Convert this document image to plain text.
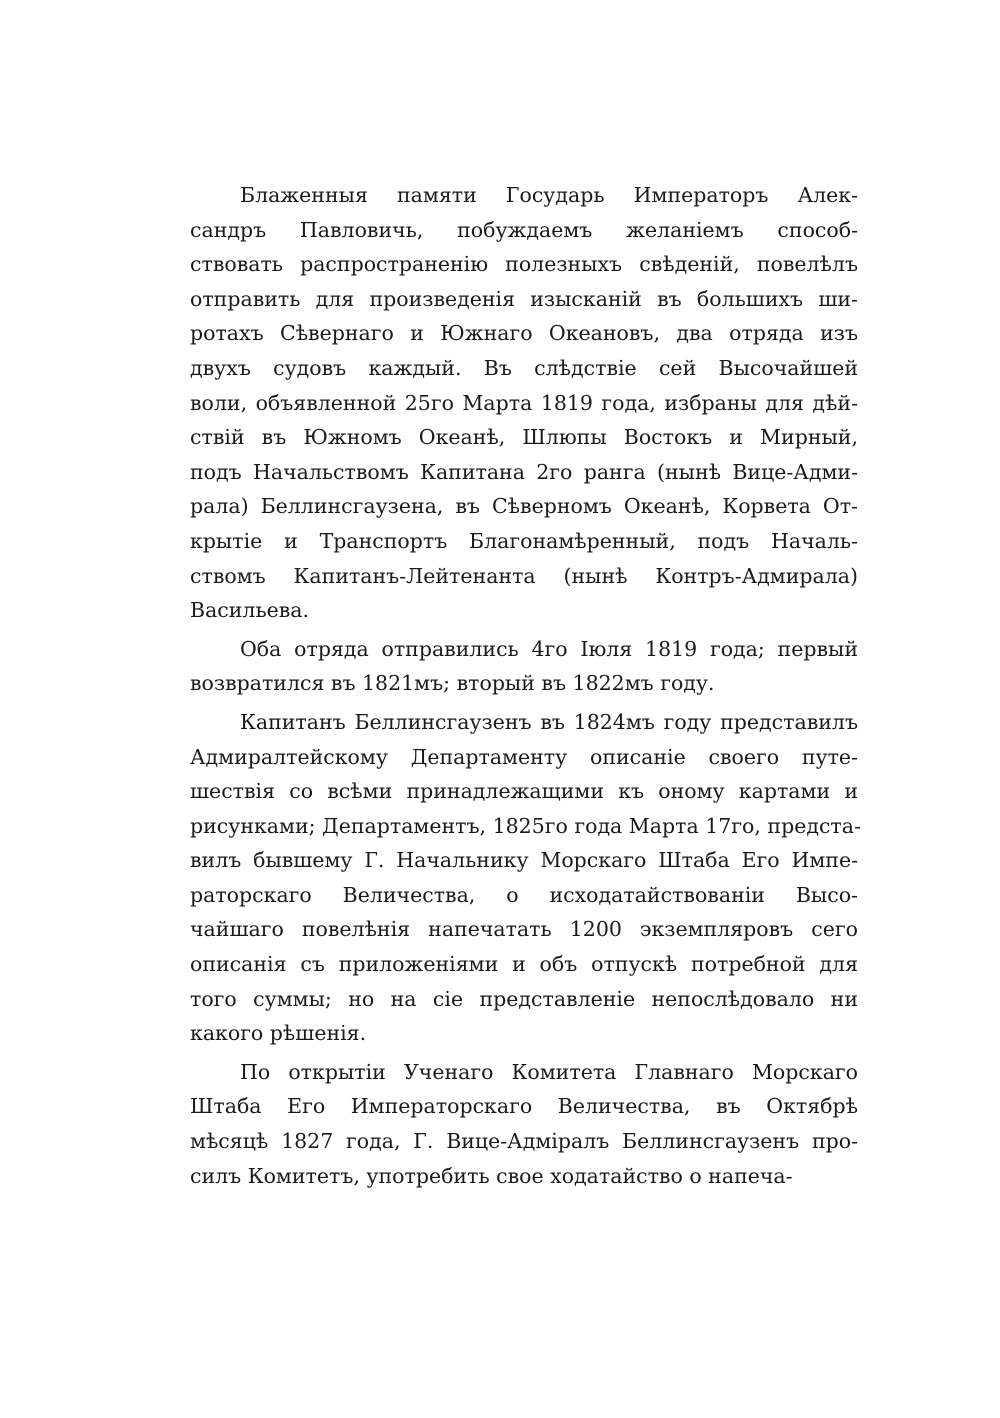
Блаженныя памяти Государь Императоръ Алек-
сандръ Павловичь, побуждаемъ желаніемъ способ-
ствовать распространенію полезныхъ свѣденій, повелѣлъ
отправить для произведенія изысканій въ большихъ ши-
ротахъ Сѣвернаго и Южнаго Океановъ, два отряда изъ
двухъ судовъ каждый. Въ слѣдствіе сей Высочайшей
воли, объявленной 25го Марта 1819 года, избраны для дѣй-
ствій въ Южномъ Океанѣ, Шлюпы Востокъ и Мирный,
подъ Начальствомъ Капитана 2го ранга (нынѣ Вице-Адми-
рала) Беллинсгаузена, въ Сѣверномъ Океанѣ, Корвета От-
крытіе и Транспортъ Благонамѣренный, подъ Началь-
ствомъ Капитанъ-Лейтенанта (нынѣ Контръ-Адмирала)
Васильева.
Оба отряда отправились 4го Іюля 1819 года; первый
возвратился въ 1821мъ; вторый въ 1822мъ году.
Капитанъ Беллинсгаузенъ въ 1824мъ году представилъ
Адмиралтейскому Департаменту описаніе своего путе-
шествія со всѣми принадлежащими къ оному картами и
рисунками; Департаментъ, 1825го года Марта 17го, предста-
вилъ бывшему Г. Начальнику Морскаго Штаба Его Импе-
раторскаго Величества, о исходатайствованіи Высо-
чайшаго повелѣнія напечатать 1200 экземпляровъ сего
описанія съ приложеніями и объ отпускѣ потребной для
того суммы; но на сіе представленіе непослѣдовало ни
какого рѣшенія.
По открытіи Ученаго Комитета Главнаго Морскаго
Штаба Его Императорскаго Величества, въ Октябрѣ
мѣсяцѣ 1827 года, Г. Вице-Адміралъ Беллинсгаузенъ про-
силъ Комитетъ, употребить свое ходатайство о напеча-
